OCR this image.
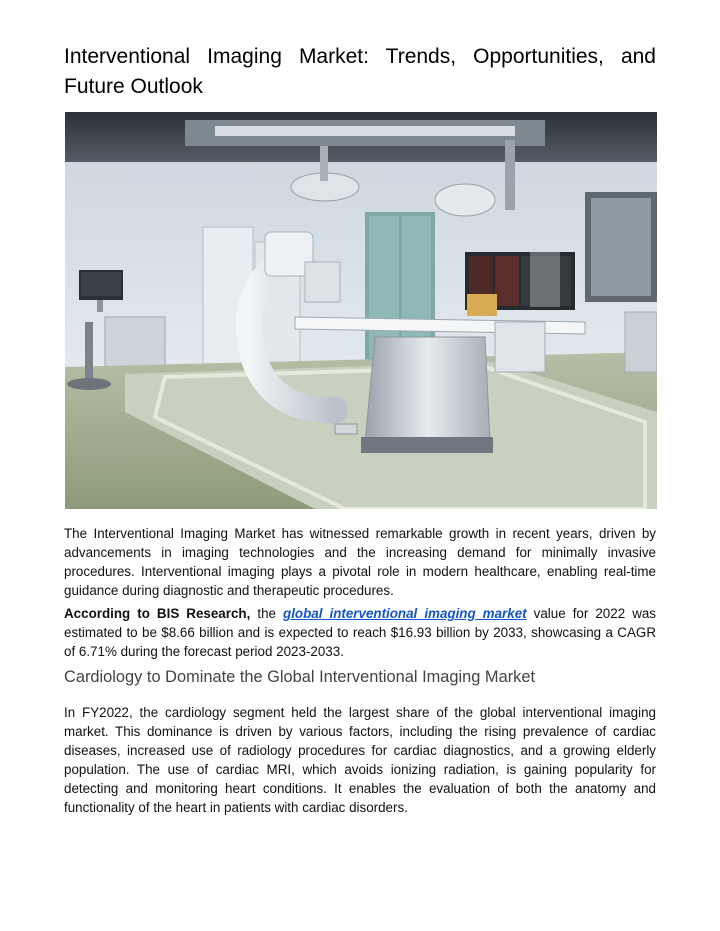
Interventional Imaging Market: Trends, Opportunities, and Future Outlook

The Interventional Imaging Market has witnessed remarkable growth in recent years, driven by advancements in imaging technologies and the increasing demand for minimally invasive procedures. Interventional imaging plays a pivotal role in modern healthcare, enabling real-time guidance during diagnostic and therapeutic procedures.

According to BIS Research, the global interventional imaging market value for 2022 was estimated to be $8.66 billion and is expected to reach $16.93 billion by 2033, showcasing a CAGR of 6.71% during the forecast period 2023-2033.

Cardiology to Dominate the Global Interventional Imaging Market

In FY2022, the cardiology segment held the largest share of the global interventional imaging market. This dominance is driven by various factors, including the rising prevalence of cardiac diseases, increased use of radiology procedures for cardiac diagnostics, and a growing elderly population. The use of cardiac MRI, which avoids ionizing radiation, is gaining popularity for detecting and monitoring heart conditions. It enables the evaluation of both the anatomy and functionality of the heart in patients with cardiac disorders.
